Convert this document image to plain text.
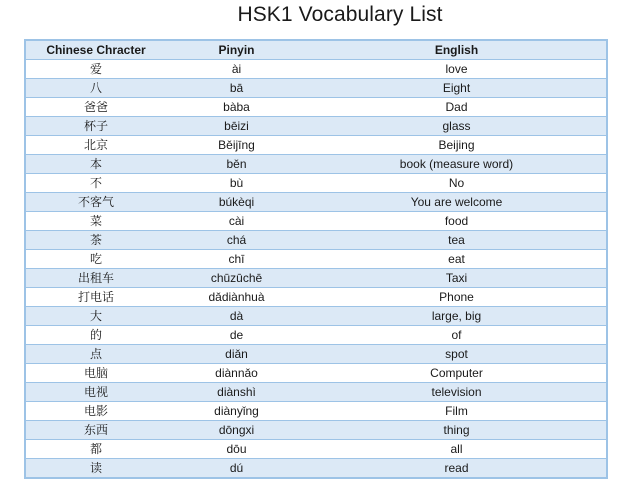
HSK1 Vocabulary List
Chinese Chracter	Pinyin	English
爱	ài	love
八	bā	Eight
爸爸	bàba	Dad
杯子	bēizi	glass
北京	Běijīng	Beijing
本	běn	book (measure word)
不	bù	No
不客气	búkèqi	You are welcome
菜	cài	food
茶	chá	tea
吃	chī	eat
出租车	chūzūchē	Taxi
打电话	dǎdiànhuà	Phone
大	dà	large, big
的	de	of
点	diǎn	spot
电脑	diànnǎo	Computer
电视	diànshì	television
电影	diànyǐng	Film
东西	dōngxi	thing
都	dōu	all
读	dú	read
